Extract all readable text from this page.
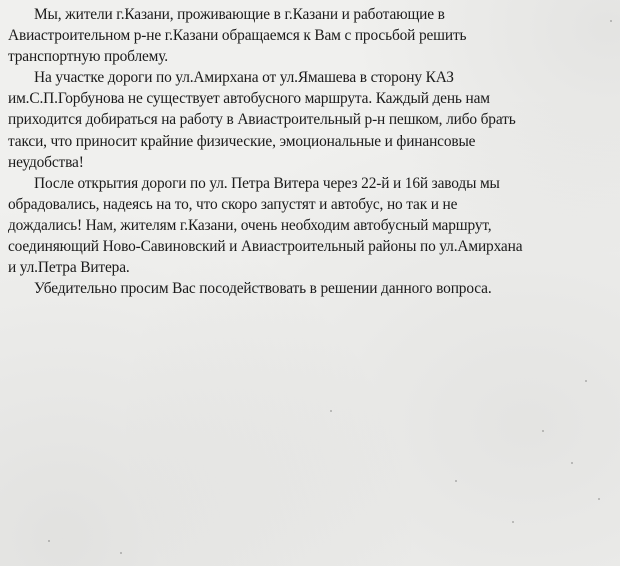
Мы, жители г.Казани, проживающие в г.Казани и работающие в
Авиастроительном р-не г.Казани обращаемся к Вам с просьбой решить
транспортную проблему.
На участке дороги по ул.Амирхана от ул.Ямашева в сторону КАЗ
им.С.П.Горбунова не существует автобусного маршрута. Каждый день нам
приходится добираться на работу в Авиастроительный р-н пешком, либо брать
такси, что приносит крайние физические, эмоциональные и финансовые
неудобства!
После открытия дороги по ул. Петра Витера через 22-й и 16й заводы мы
обрадовались, надеясь на то, что скоро запустят и автобус, но так и не
дождались! Нам, жителям г.Казани, очень необходим автобусный маршрут,
соединяющий Ново-Савиновский и Авиастроительный районы по ул.Амирхана
и ул.Петра Витера.
Убедительно просим Вас посодействовать в решении данного вопроса.
